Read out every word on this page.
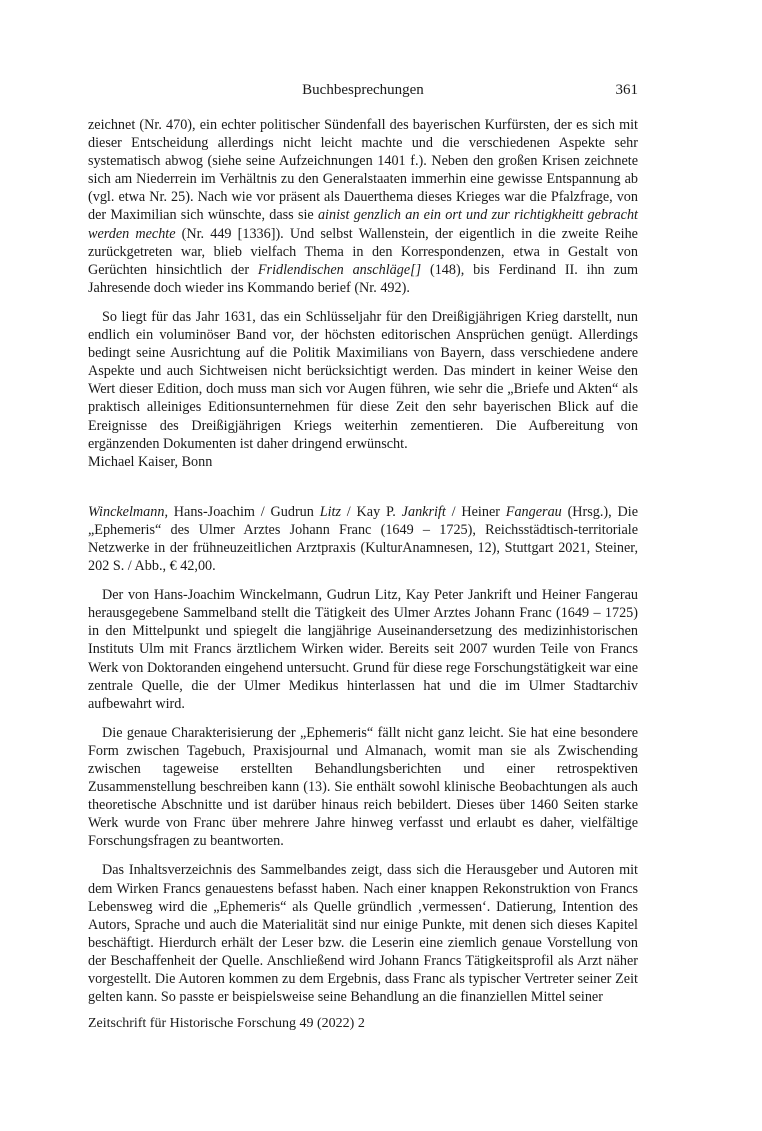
Buchbesprechungen	361

zeichnet (Nr. 470), ein echter politischer Sündenfall des bayerischen Kurfürsten, der es sich mit dieser Entscheidung allerdings nicht leicht machte und die verschiedenen Aspekte sehr systematisch abwog (siehe seine Aufzeichnungen 1401 f.). Neben den großen Krisen zeichnete sich am Niederrein im Verhältnis zu den Generalstaaten immerhin eine gewisse Entspannung ab (vgl. etwa Nr. 25). Nach wie vor präsent als Dauerthema dieses Krieges war die Pfalzfrage, von der Maximilian sich wünschte, dass sie ainist genzlich an ein ort und zur richtigkheitt gebracht werden mechte (Nr. 449 [1336]). Und selbst Wallenstein, der eigentlich in die zweite Reihe zurückgetreten war, blieb vielfach Thema in den Korrespondenzen, etwa in Gestalt von Gerüchten hinsichtlich der Fridlendischen anschläge[] (148), bis Ferdinand II. ihn zum Jahresende doch wieder ins Kommando berief (Nr. 492).

So liegt für das Jahr 1631, das ein Schlüsseljahr für den Dreißigjährigen Krieg darstellt, nun endlich ein voluminöser Band vor, der höchsten editorischen Ansprüchen genügt. Allerdings bedingt seine Ausrichtung auf die Politik Maximilians von Bayern, dass verschiedene andere Aspekte und auch Sichtweisen nicht berücksichtigt werden. Das mindert in keiner Weise den Wert dieser Edition, doch muss man sich vor Augen führen, wie sehr die „Briefe und Akten“ als praktisch alleiniges Editionsunternehmen für diese Zeit den sehr bayerischen Blick auf die Ereignisse des Dreißigjährigen Kriegs weiterhin zementieren. Die Aufbereitung von ergänzenden Dokumenten ist daher dringend erwünscht.

Michael Kaiser, Bonn

Winckelmann, Hans-Joachim / Gudrun Litz / Kay P. Jankrift / Heiner Fangerau (Hrsg.), Die „Ephemeris“ des Ulmer Arztes Johann Franc (1649 – 1725), Reichsstädtisch-territoriale Netzwerke in der frühneuzeitlichen Arztpraxis (KulturAnamnesen, 12), Stuttgart 2021, Steiner, 202 S. / Abb., € 42,00.

Der von Hans-Joachim Winckelmann, Gudrun Litz, Kay Peter Jankrift und Heiner Fangerau herausgegebene Sammelband stellt die Tätigkeit des Ulmer Arztes Johann Franc (1649 – 1725) in den Mittelpunkt und spiegelt die langjährige Auseinandersetzung des medizinhistorischen Instituts Ulm mit Francs ärztlichem Wirken wider. Bereits seit 2007 wurden Teile von Francs Werk von Doktoranden eingehend untersucht. Grund für diese rege Forschungstätigkeit war eine zentrale Quelle, die der Ulmer Medikus hinterlassen hat und die im Ulmer Stadtarchiv aufbewahrt wird.

Die genaue Charakterisierung der „Ephemeris“ fällt nicht ganz leicht. Sie hat eine besondere Form zwischen Tagebuch, Praxisjournal und Almanach, womit man sie als Zwischending zwischen tageweise erstellten Behandlungsberichten und einer retrospektiven Zusammenstellung beschreiben kann (13). Sie enthält sowohl klinische Beobachtungen als auch theoretische Abschnitte und ist darüber hinaus reich bebildert. Dieses über 1460 Seiten starke Werk wurde von Franc über mehrere Jahre hinweg verfasst und erlaubt es daher, vielfältige Forschungsfragen zu beantworten.

Das Inhaltsverzeichnis des Sammelbandes zeigt, dass sich die Herausgeber und Autoren mit dem Wirken Francs genauestens befasst haben. Nach einer knappen Rekonstruktion von Francs Lebensweg wird die „Ephemeris“ als Quelle gründlich ‚vermessen‘. Datierung, Intention des Autors, Sprache und auch die Materialität sind nur einige Punkte, mit denen sich dieses Kapitel beschäftigt. Hierdurch erhält der Leser bzw. die Leserin eine ziemlich genaue Vorstellung von der Beschaffenheit der Quelle. Anschließend wird Johann Francs Tätigkeitsprofil als Arzt näher vorgestellt. Die Autoren kommen zu dem Ergebnis, dass Franc als typischer Vertreter seiner Zeit gelten kann. So passte er beispielsweise seine Behandlung an die finanziellen Mittel seiner

Zeitschrift für Historische Forschung 49 (2022) 2
